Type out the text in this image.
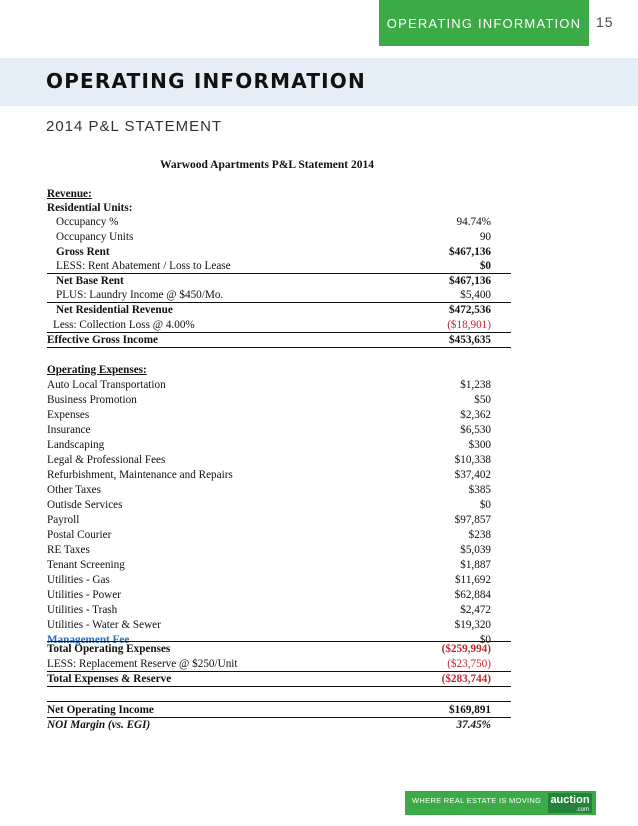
OPERATING INFORMATION	15
OPERATING INFORMATION
2014 P&L STATEMENT
Warwood Apartments P&L Statement 2014
Revenue:
Residential Units:
Occupancy %	94.74%
Occupancy Units	90
Gross Rent	$467,136
LESS: Rent Abatement / Loss to Lease	$0
Net Base Rent	$467,136
PLUS: Laundry Income @ $450/Mo.	$5,400
Net Residential Revenue	$472,536
Less: Collection Loss @ 4.00%	($18,901)
Effective Gross Income	$453,635
Operating Expenses:
Auto Local Transportation	$1,238
Business Promotion	$50
Expenses	$2,362
Insurance	$6,530
Landscaping	$300
Legal & Professional Fees	$10,338
Refurbishment, Maintenance and Repairs	$37,402
Other Taxes	$385
Outisde Services	$0
Payroll	$97,857
Postal Courier	$238
RE Taxes	$5,039
Tenant Screening	$1,887
Utilities - Gas	$11,692
Utilities - Power	$62,884
Utilities - Trash	$2,472
Utilities - Water & Sewer	$19,320
Management Fee	$0
Total Operating Expenses	($259,994)
LESS: Replacement Reserve @ $250/Unit	($23,750)
Total Expenses & Reserve	($283,744)
Net Operating Income	$169,891
NOI Margin (vs. EGI)	37.45%
WHERE REAL ESTATE IS MOVING auction
.com
